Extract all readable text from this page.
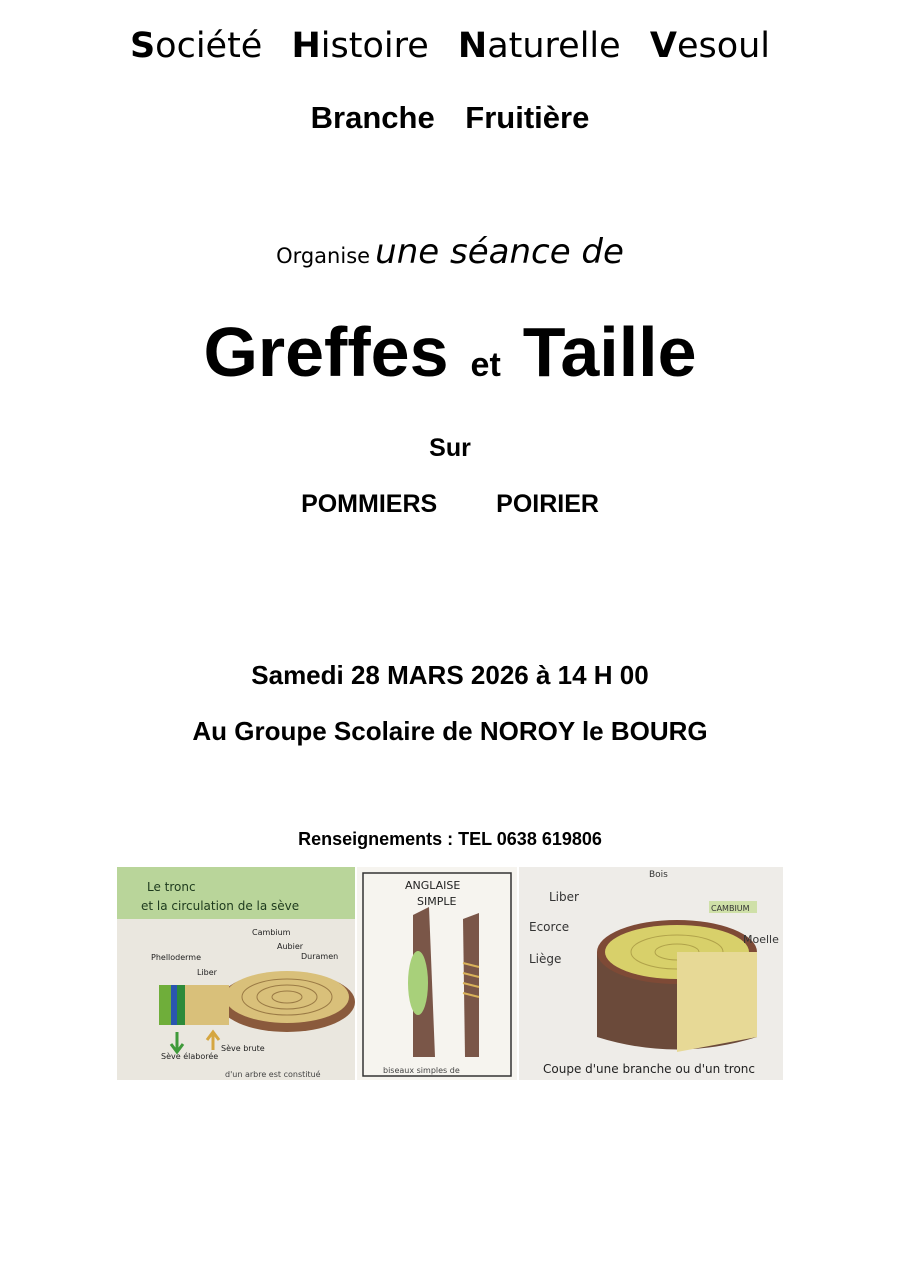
Société Histoire Naturelle Vesoul
Branche Fruitière
Organise une séance de
Greffes et Taille
Sur
POMMIERS POIRIER
Samedi 28 MARS 2026 à 14 H 00
Au Groupe Scolaire de NOROY le BOURG
Renseignements : TEL 0638 619806
Le tronc
et la circulation de la sève
Cambium
Aubier
Duramen
Phelloderme
Liber
Sève élaborée
Sève brute
d'un arbre est constitué
ANGLAISE
SIMPLE
biseaux simples de
Bois
Liber
CAMBIUM
Ecorce
Moelle
Liège
Coupe d'une branche ou d'un tronc
